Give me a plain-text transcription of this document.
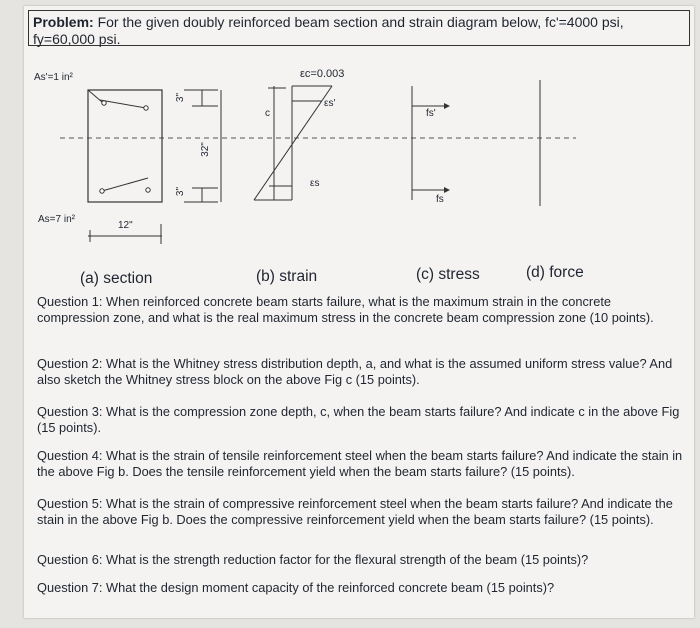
Problem: For the given doubly reinforced beam section and strain diagram below, fc'=4000 psi, fy=60,000 psi.
As'=1 in²
As=7 in²
12"
3"
3"
32"
c
εc=0.003
εs'
εs
fs'
fs
(a) section	(b) strain	(c) stress	(d) force
Question 1: When reinforced concrete beam starts failure, what is the maximum strain in the concrete compression zone, and what is the real maximum stress in the concrete beam compression zone (10 points).
Question 2: What is the Whitney stress distribution depth, a, and what is the assumed uniform stress value? And also sketch the Whitney stress block on the above Fig c (15 points).
Question 3: What is the compression zone depth, c, when the beam starts failure? And indicate c in the above Fig (15 points).
Question 4: What is the strain of tensile reinforcement steel when the beam starts failure? And indicate the stain in the above Fig b. Does the tensile reinforcement yield when the beam starts failure? (15 points).
Question 5: What is the strain of compressive reinforcement steel when the beam starts failure? And indicate the stain in the above Fig b. Does the compressive reinforcement yield when the beam starts failure? (15 points).
Question 6: What is the strength reduction factor for the flexural strength of the beam (15 points)?
Question 7: What the design moment capacity of the reinforced concrete beam (15 points)?
